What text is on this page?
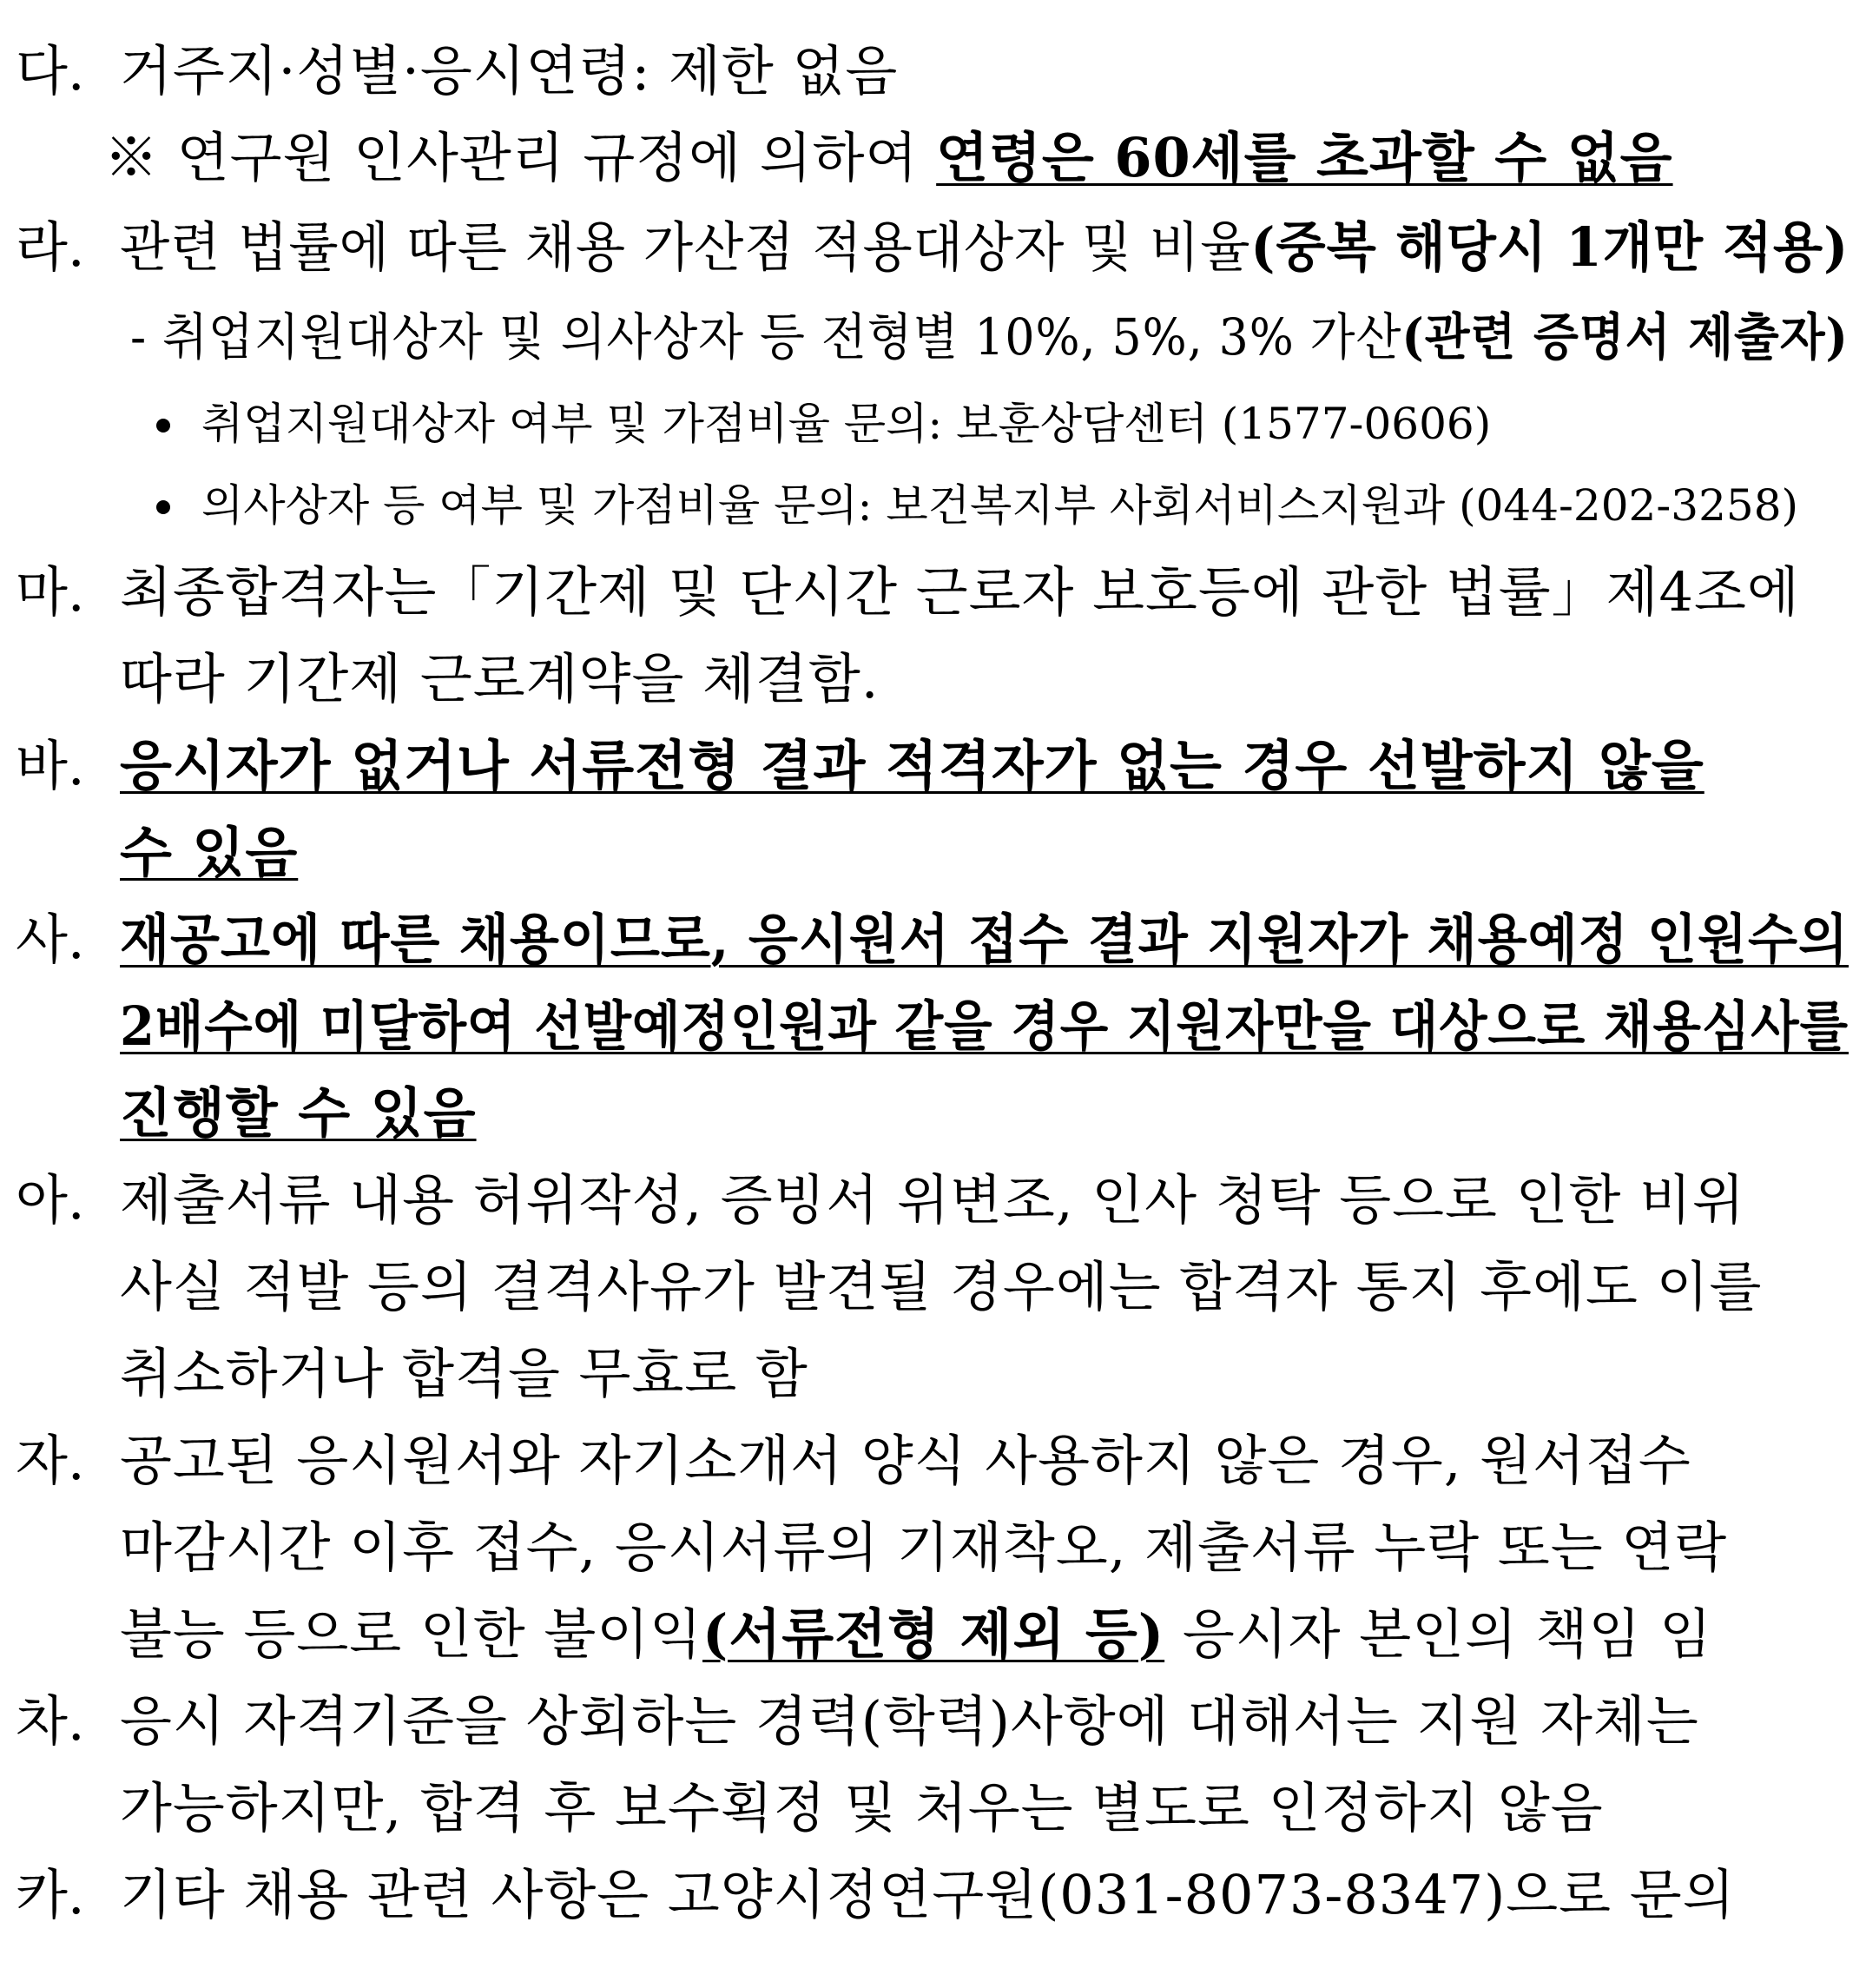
다. 거주지·성별·응시연령: 제한 없음
※ 연구원 인사관리 규정에 의하여 연령은 60세를 초과할 수 없음
라. 관련 법률에 따른 채용 가산점 적용대상자 및 비율(중복 해당시 1개만 적용)
- 취업지원대상자 및 의사상자 등 전형별 10%, 5%, 3% 가산(관련 증명서 제출자)
취업지원대상자 여부 및 가점비율 문의: 보훈상담센터 (1577-0606)
의사상자 등 여부 및 가점비율 문의: 보건복지부 사회서비스지원과 (044-202-3258)
마. 최종합격자는「기간제 및 단시간 근로자 보호등에 관한 법률」제4조에
따라 기간제 근로계약을 체결함.
바. 응시자가 없거나 서류전형 결과 적격자가 없는 경우 선발하지 않을
수 있음
사. 재공고에 따른 채용이므로, 응시원서 접수 결과 지원자가 채용예정 인원수의
2배수에 미달하여 선발예정인원과 같을 경우 지원자만을 대상으로 채용심사를
진행할 수 있음
아. 제출서류 내용 허위작성, 증빙서 위변조, 인사 청탁 등으로 인한 비위
사실 적발 등의 결격사유가 발견될 경우에는 합격자 통지 후에도 이를
취소하거나 합격을 무효로 함
자. 공고된 응시원서와 자기소개서 양식 사용하지 않은 경우, 원서접수
마감시간 이후 접수, 응시서류의 기재착오, 제출서류 누락 또는 연락
불능 등으로 인한 불이익(서류전형 제외 등) 응시자 본인의 책임 임
차. 응시 자격기준을 상회하는 경력(학력)사항에 대해서는 지원 자체는
가능하지만, 합격 후 보수획정 및 처우는 별도로 인정하지 않음
카. 기타 채용 관련 사항은 고양시정연구원(031-8073-8347)으로 문의
